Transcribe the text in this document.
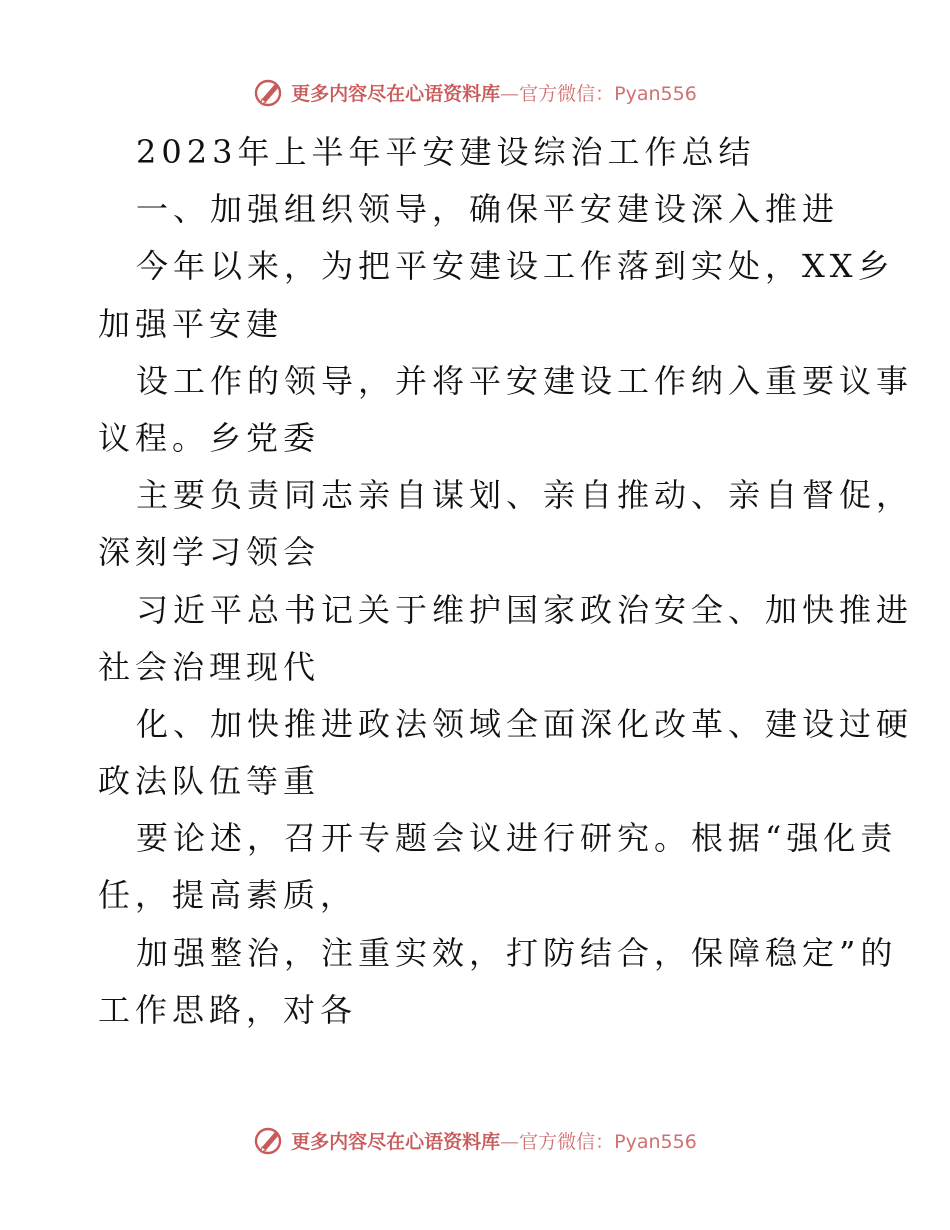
更多内容尽在心语资料库—官方微信：Pyan556
2023年上半年平安建设综治工作总结
一、加强组织领导，确保平安建设深入推进
今年以来，为把平安建设工作落到实处，XX乡
加强平安建
设工作的领导，并将平安建设工作纳入重要议事
议程。乡党委
主要负责同志亲自谋划、亲自推动、亲自督促，
深刻学习领会
习近平总书记关于维护国家政治安全、加快推进
社会治理现代
化、加快推进政法领域全面深化改革、建设过硬
政法队伍等重
要论述，召开专题会议进行研究。根据“强化责
任，提高素质，
加强整治，注重实效，打防结合，保障稳定”的
工作思路，对各
更多内容尽在心语资料库—官方微信：Pyan556
